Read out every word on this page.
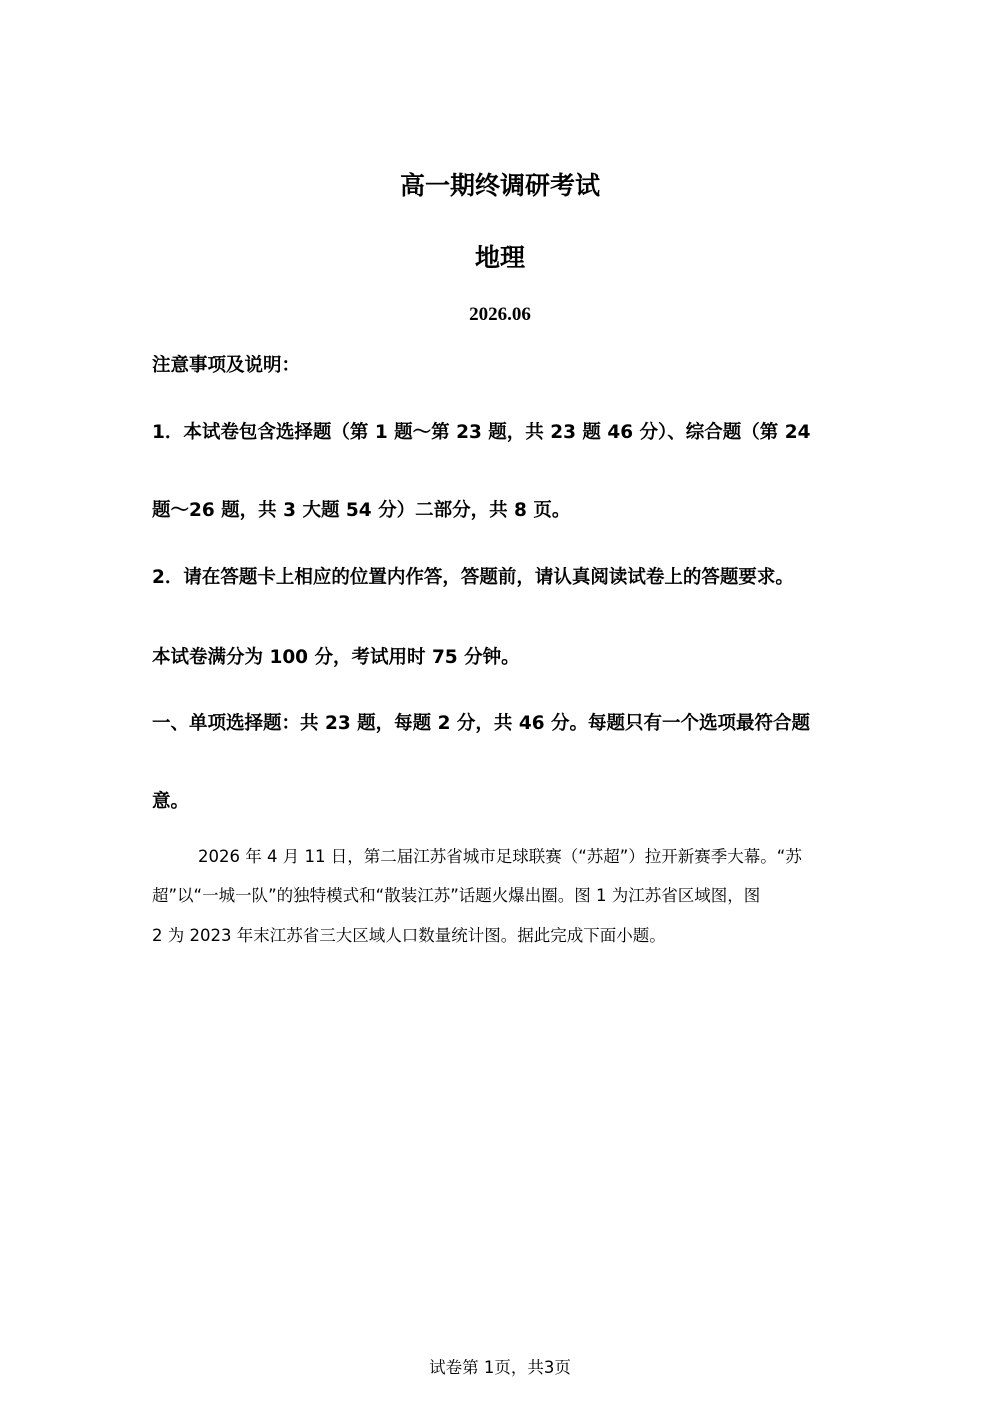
高一期终调研考试
地理
2026.06
注意事项及说明：
1．本试卷包含选择题（第 1 题～第 23 题，共 23 题 46 分）、综合题（第 24
题～26 题，共 3 大题 54 分）二部分，共 8 页。
2．请在答题卡上相应的位置内作答，答题前，请认真阅读试卷上的答题要求。
本试卷满分为 100 分，考试用时 75 分钟。
一、单项选择题：共 23 题，每题 2 分，共 46 分。每题只有一个选项最符合题
意。
2026 年 4 月 11 日，第二届江苏省城市足球联赛（“苏超”）拉开新赛季大幕。“苏
超”以“一城一队”的独特模式和“散装江苏”话题火爆出圈。图 1 为江苏省区域图，图
2 为 2023 年末江苏省三大区域人口数量统计图。据此完成下面小题。
试卷第 1页，共3页
